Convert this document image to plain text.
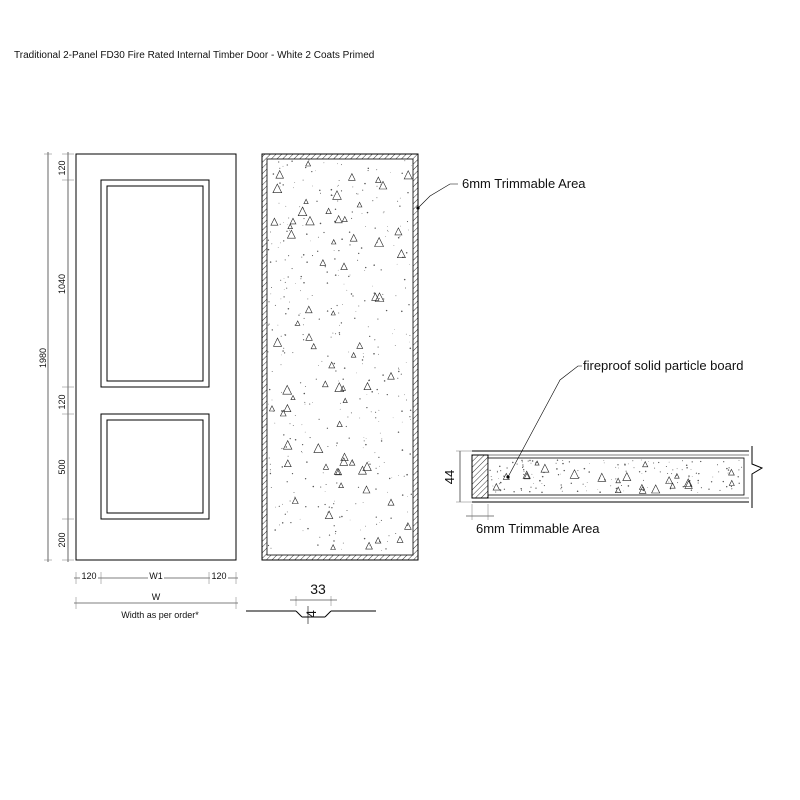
Traditional 2-Panel FD30 Fire Rated Internal Timber Door - White 2 Coats Primed
120
1040
120
500
200
1980
120	W1	120
W
Width as per order*
6mm Trimmable Area
33
4
44
fireproof solid particle board
6mm Trimmable Area
